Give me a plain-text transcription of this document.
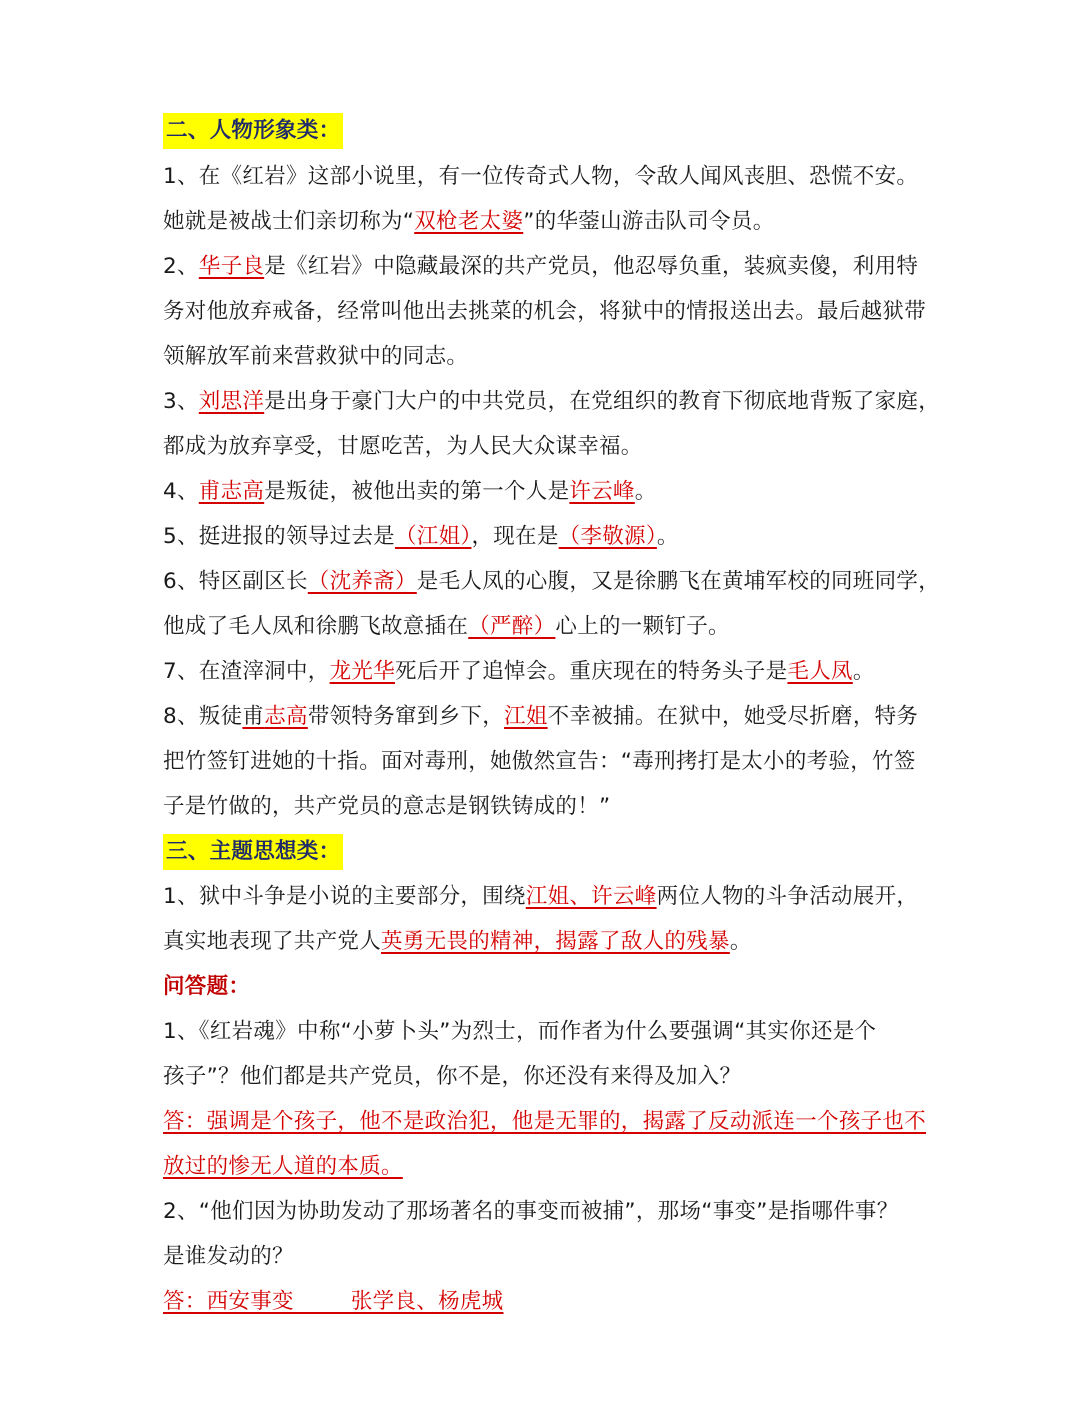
二、人物形象类：
1、在《红岩》这部小说里，有一位传奇式人物，令敌人闻风丧胆、恐慌不安。
她就是被战士们亲切称为“双枪老太婆”的华蓥山游击队司令员。
2、华子良是《红岩》中隐藏最深的共产党员，他忍辱负重，装疯卖傻，利用特
务对他放弃戒备，经常叫他出去挑菜的机会，将狱中的情报送出去。最后越狱带
领解放军前来营救狱中的同志。
3、刘思洋是出身于豪门大户的中共党员，在党组织的教育下彻底地背叛了家庭，
都成为放弃享受，甘愿吃苦，为人民大众谋幸福。
4、甫志高是叛徒，被他出卖的第一个人是许云峰。
5、挺进报的领导过去是（江姐），现在是（李敬源）。
6、特区副区长（沈养斋）是毛人凤的心腹，又是徐鹏飞在黄埔军校的同班同学，
他成了毛人凤和徐鹏飞故意插在（严醉）心上的一颗钉子。
7、在渣滓洞中，龙光华死后开了追悼会。重庆现在的特务头子是毛人凤。
8、叛徒甫志高带领特务窜到乡下，江姐不幸被捕。在狱中，她受尽折磨，特务
把竹签钉进她的十指。面对毒刑，她傲然宣告：“毒刑拷打是太小的考验，竹签
子是竹做的，共产党员的意志是钢铁铸成的！”
三、主题思想类：
1、狱中斗争是小说的主要部分，围绕江姐、许云峰两位人物的斗争活动展开，
真实地表现了共产党人英勇无畏的精神，揭露了敌人的残暴。
问答题：
1、《红岩魂》中称“小萝卜头”为烈士，而作者为什么要强调“其实你还是个
孩子”？他们都是共产党员，你不是，你还没有来得及加入？
答：强调是个孩子，他不是政治犯，他是无罪的，揭露了反动派连一个孩子也不
放过的惨无人道的本质。
2、“他们因为协助发动了那场著名的事变而被捕”，那场“事变”是指哪件事？
是谁发动的？
答：西安事变        张学良、杨虎城
